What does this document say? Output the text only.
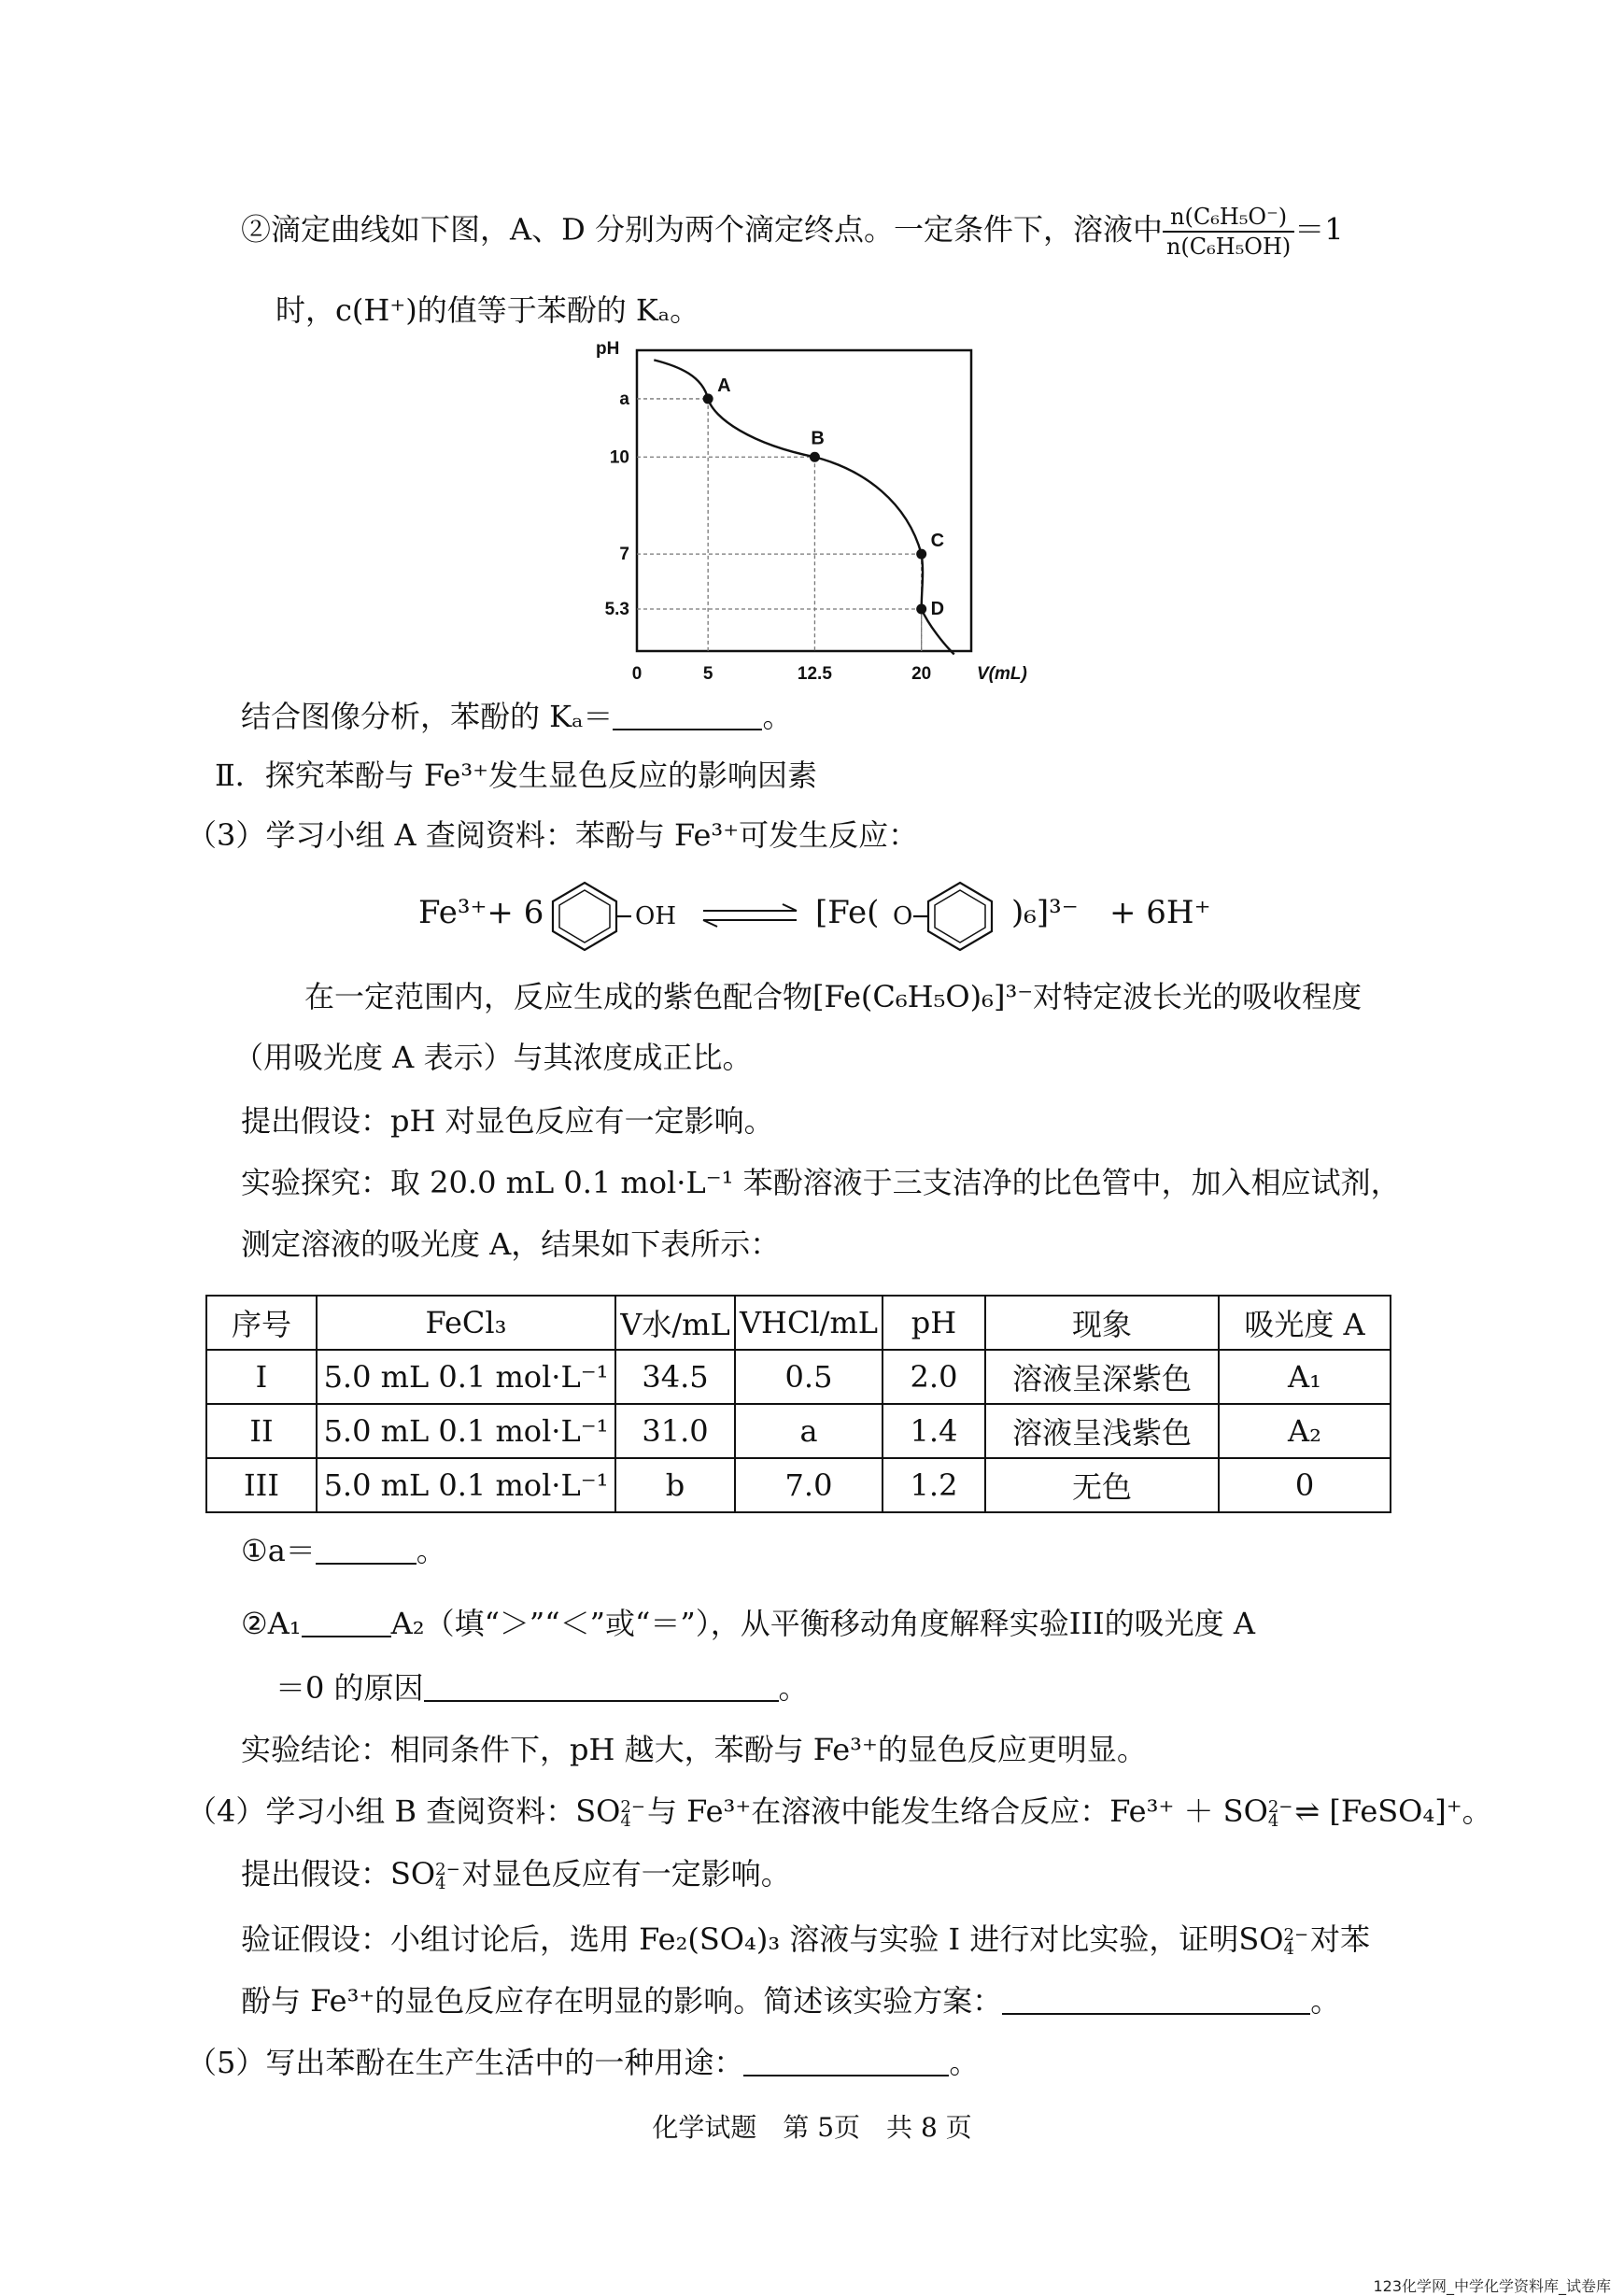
②滴定曲线如下图，A、D 分别为两个滴定终点。一定条件下，溶液中 $\frac{\text{n(C₆H₅O⁻)}}{\text{n(C₆H₅OH)}} =1$
时，c(H⁺)的值等于苯酚的 Kₐ。
A
B
C
D
a
10
7
5.3
0	5	12.5	20
pH
V(mL)
结合图像分析，苯酚的 Kₐ＝	。
Ⅱ．探究苯酚与 Fe³⁺发生显色反应的影响因素
（3）学习小组 A 查阅资料：苯酚与 Fe³⁺可发生反应：
Fe³⁺+ 6	OH	[Fe( O	)₆]³⁻ + 6H⁺
在一定范围内，反应生成的紫色配合物[Fe(C₆H₅O)₆]³⁻对特定波长光的吸收程度
（用吸光度 A 表示）与其浓度成正比。
提出假设：pH 对显色反应有一定影响。
实验探究：取 20.0 mL 0.1 mol·L⁻¹ 苯酚溶液于三支洁净的比色管中，加入相应试剂，
测定溶液的吸光度 A，结果如下表所示：
序号	FeCl₃	V水/mL	VHCl/mL	pH	现象	吸光度 A
I	5.0 mL 0.1 mol·L⁻¹	34.5	0.5	2.0	溶液呈深紫色	A₁
II	5.0 mL 0.1 mol·L⁻¹	31.0	a	1.4	溶液呈浅紫色	A₂
III	5.0 mL 0.1 mol·L⁻¹	b	7.0	1.2	无色	0
①a＝	。
②A₁	A₂（填“＞”“＜”或“＝”），从平衡移动角度解释实验III的吸光度 A
＝0 的原因	。
实验结论：相同条件下，pH 越大，苯酚与 Fe³⁺的显色反应更明显。
（4）学习小组 B 查阅资料：SO 2−
4 与 Fe³⁺在溶液中能发生络合反应：Fe³⁺ ＋ SO 2−
4 ⇌ [FeSO₄]⁺。
提出假设：SO 2−
4 对显色反应有一定影响。
验证假设：小组讨论后，选用 Fe₂(SO₄)₃ 溶液与实验 I 进行对比实验，证明SO 2−
4 对苯
酚与 Fe³⁺的显色反应存在明显的影响。简述该实验方案：	。
（5）写出苯酚在生产生活中的一种用途：	。
化学试题　第 5页　共 8 页
123化学网_中学化学资料库_试卷库
